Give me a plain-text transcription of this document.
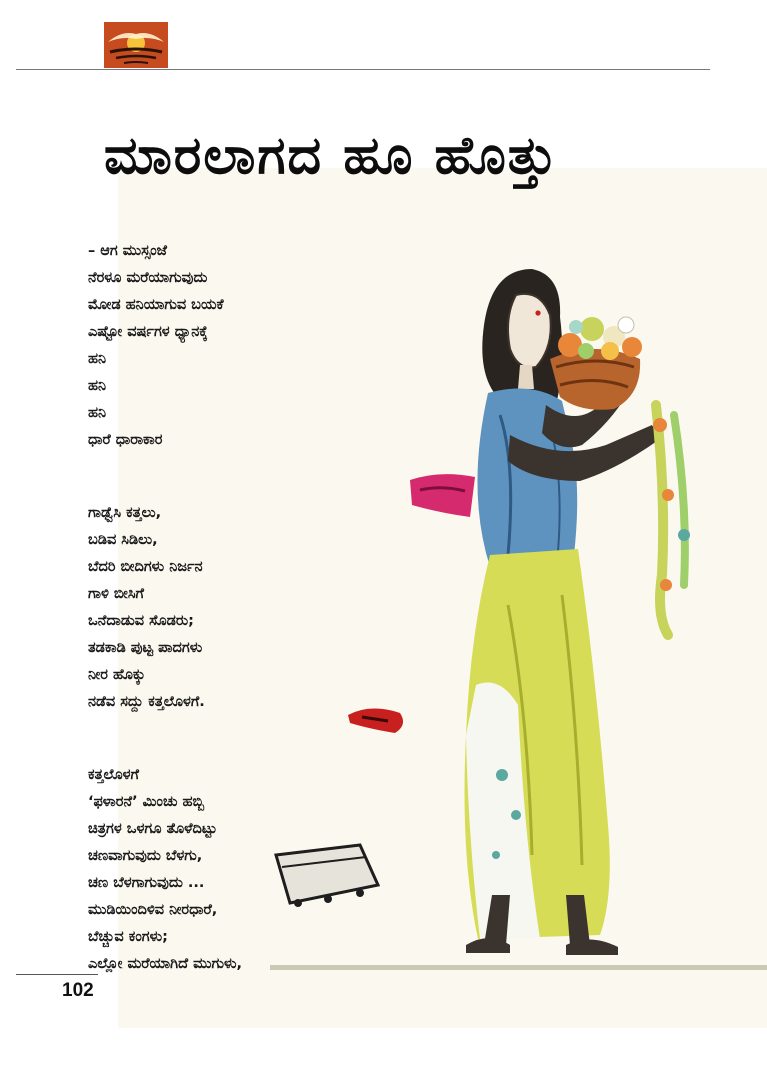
ಮಾರಲಾಗದ ಹೂ ಹೊತ್ತು
– ಆಗ ಮುಸ್ಸಂಜೆ
ನೆರಳೂ ಮರೆಯಾಗುವುದು
ಮೋಡ ಹನಿಯಾಗುವ ಬಯಕೆ
ಎಷ್ಟೋ ವರ್ಷಗಳ ಧ್ಯಾನಕ್ಕೆ
ಹನಿ
ಹನಿ
ಹನಿ
ಧಾರೆ ಧಾರಾಕಾರ
ಗಾಢ್ವೆಸಿ ಕತ್ತಲು,
ಬಡಿವ ಸಿಡಿಲು,
ಬೆದರಿ ಬೀದಿಗಳು ನಿರ್ಜನ
ಗಾಳಿ ಬೀಸಿಗೆ
ಒನೆದಾಡುವ ಸೊಡರು;
ತಡಕಾಡಿ ಪುಟ್ಟ ಪಾದಗಳು
ನೀರ ಹೊಕ್ಕು
ನಡೆವ ಸದ್ದು ಕತ್ತಲೊಳಗೆ.
ಕತ್ತಲೊಳಗೆ
‘ಫಳಾರನೆ’ ಮಿಂಚು ಹಬ್ಬಿ
ಚಿತ್ರಗಳ ಒಳಗೂ ತೊಳೆದಿಟ್ಟು
ಚಣವಾಗುವುದು ಬೆಳಗು,
ಚಣ ಬೆಳಗಾಗುವುದು ...
ಮುಡಿಯಿಂದಿಳಿವ ನೀರಧಾರೆ,
ಬೆಚ್ಚುವ ಕಂಗಳು;
ಎಲ್ಲೋ ಮರೆಯಾಗಿದೆ ಮುಗುಳು,
102
